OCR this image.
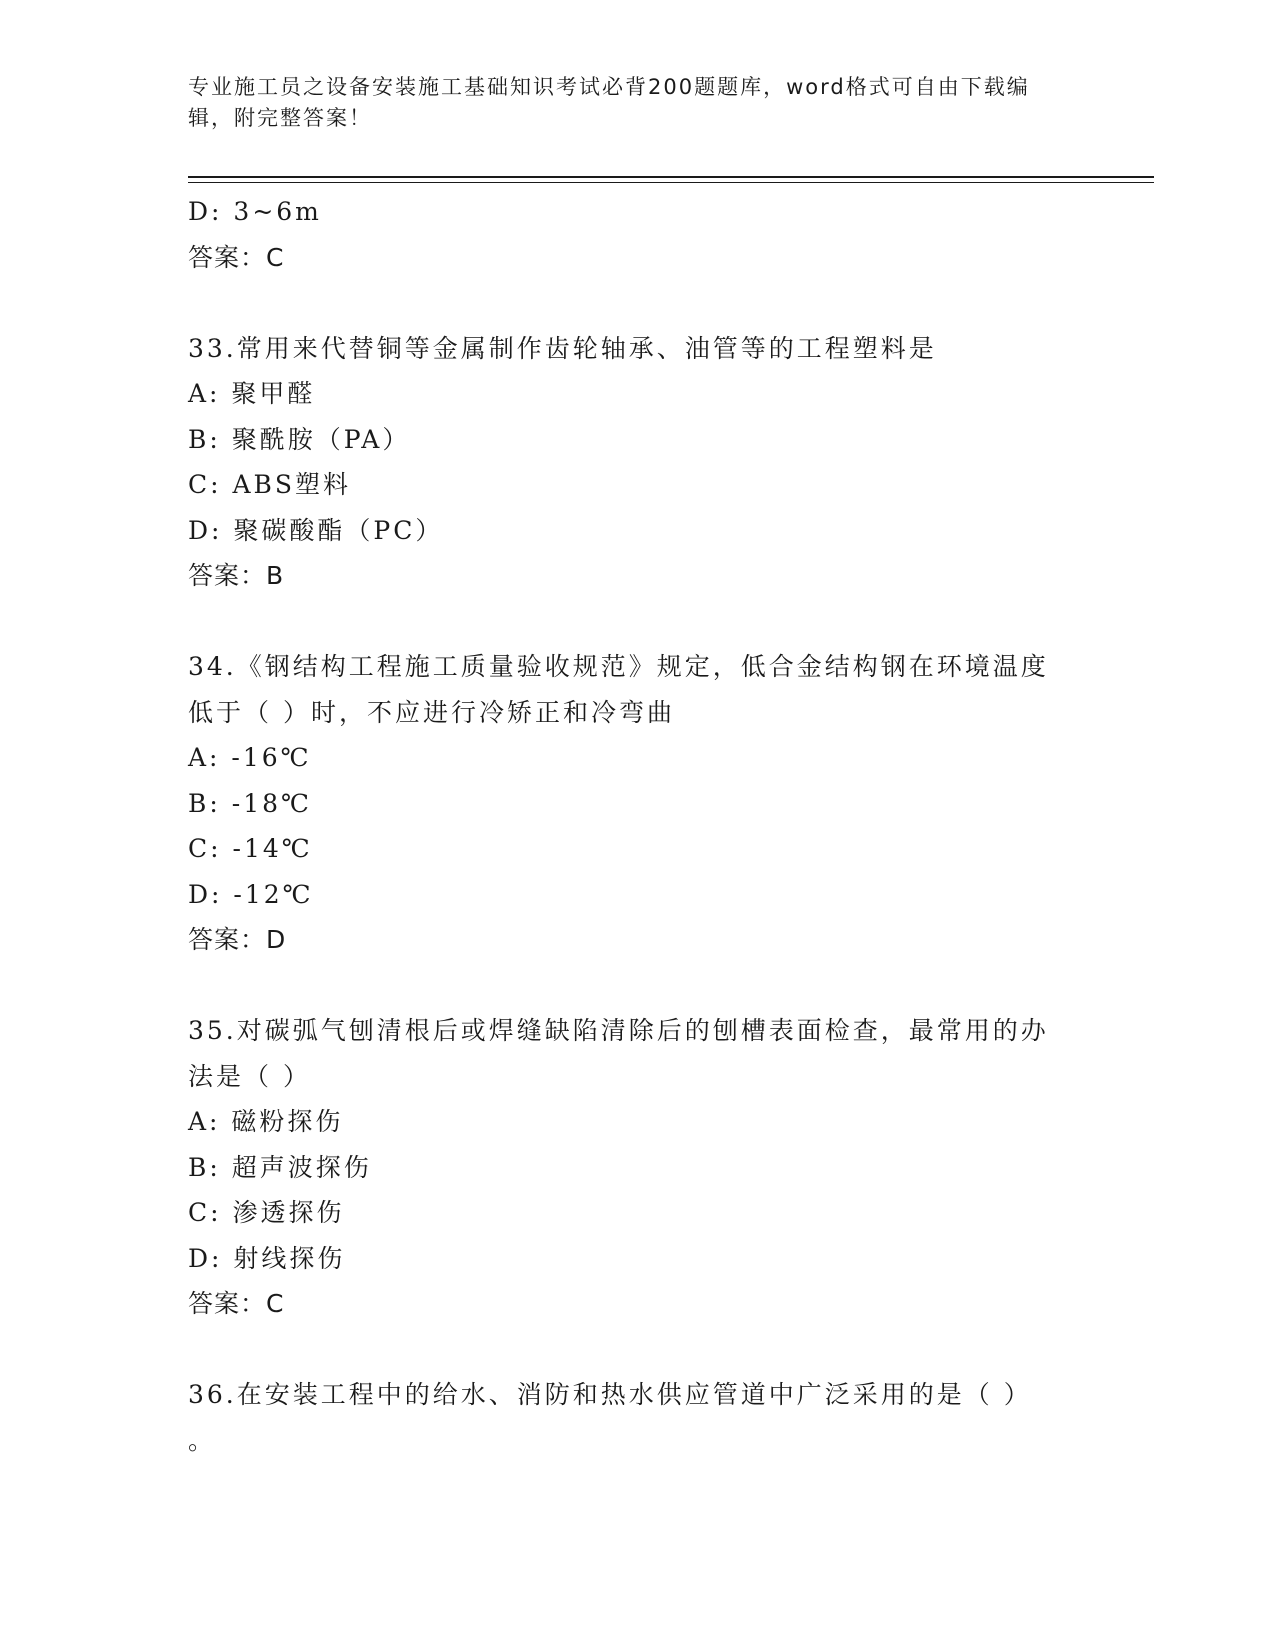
专业施工员之设备安装施工基础知识考试必背200题题库，word格式可自由下载编辑，附完整答案！
D: 3~6m
答案：C
33.常用来代替铜等金属制作齿轮轴承、油管等的工程塑料是
A: 聚甲醛
B: 聚酰胺（PA）
C: ABS塑料
D: 聚碳酸酯（PC）
答案：B
34.《钢结构工程施工质量验收规范》规定，低合金结构钢在环境温度
低于（ ）时，不应进行冷矫正和冷弯曲
A: -16℃
B: -18℃
C: -14℃
D: -12℃
答案：D
35.对碳弧气刨清根后或焊缝缺陷清除后的刨槽表面检查，最常用的办
法是（ ）
A: 磁粉探伤
B: 超声波探伤
C: 渗透探伤
D: 射线探伤
答案：C
36.在安装工程中的给水、消防和热水供应管道中广泛采用的是（ ）
。
